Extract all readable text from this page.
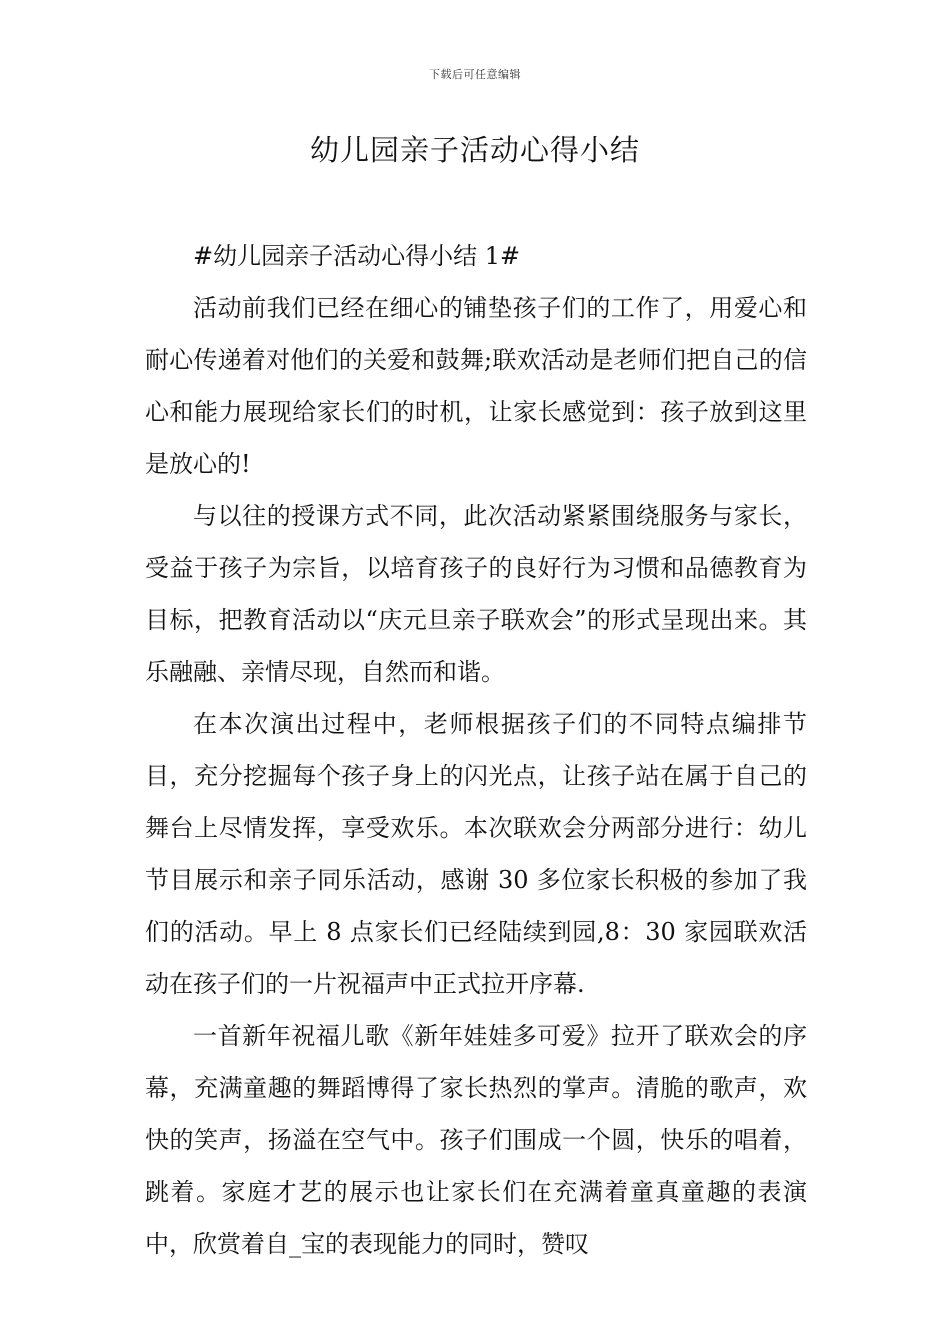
下载后可任意编辑
幼儿园亲子活动心得小结

#幼儿园亲子活动心得小结 1#

活动前我们已经在细心的铺垫孩子们的工作了，用爱心和耐心传递着对他们的关爱和鼓舞;联欢活动是老师们把自己的信心和能力展现给家长们的时机，让家长感觉到：孩子放到这里是放心的!

与以往的授课方式不同，此次活动紧紧围绕服务与家长，受益于孩子为宗旨，以培育孩子的良好行为习惯和品德教育为目标，把教育活动以“庆元旦亲子联欢会”的形式呈现出来。其乐融融、亲情尽现，自然而和谐。

在本次演出过程中，老师根据孩子们的不同特点编排节目，充分挖掘每个孩子身上的闪光点，让孩子站在属于自己的舞台上尽情发挥，享受欢乐。本次联欢会分两部分进行：幼儿节目展示和亲子同乐活动，感谢 30 多位家长积极的参加了我们的活动。早上 8 点家长们已经陆续到园,8：30 家园联欢活动在孩子们的一片祝福声中正式拉开序幕.

一首新年祝福儿歌《新年娃娃多可爱》拉开了联欢会的序幕，充满童趣的舞蹈博得了家长热烈的掌声。清脆的歌声，欢快的笑声，扬溢在空气中。孩子们围成一个圆，快乐的唱着，跳着。家庭才艺的展示也让家长们在充满着童真童趣的表演中，欣赏着自_宝的表现能力的同时，赞叹
